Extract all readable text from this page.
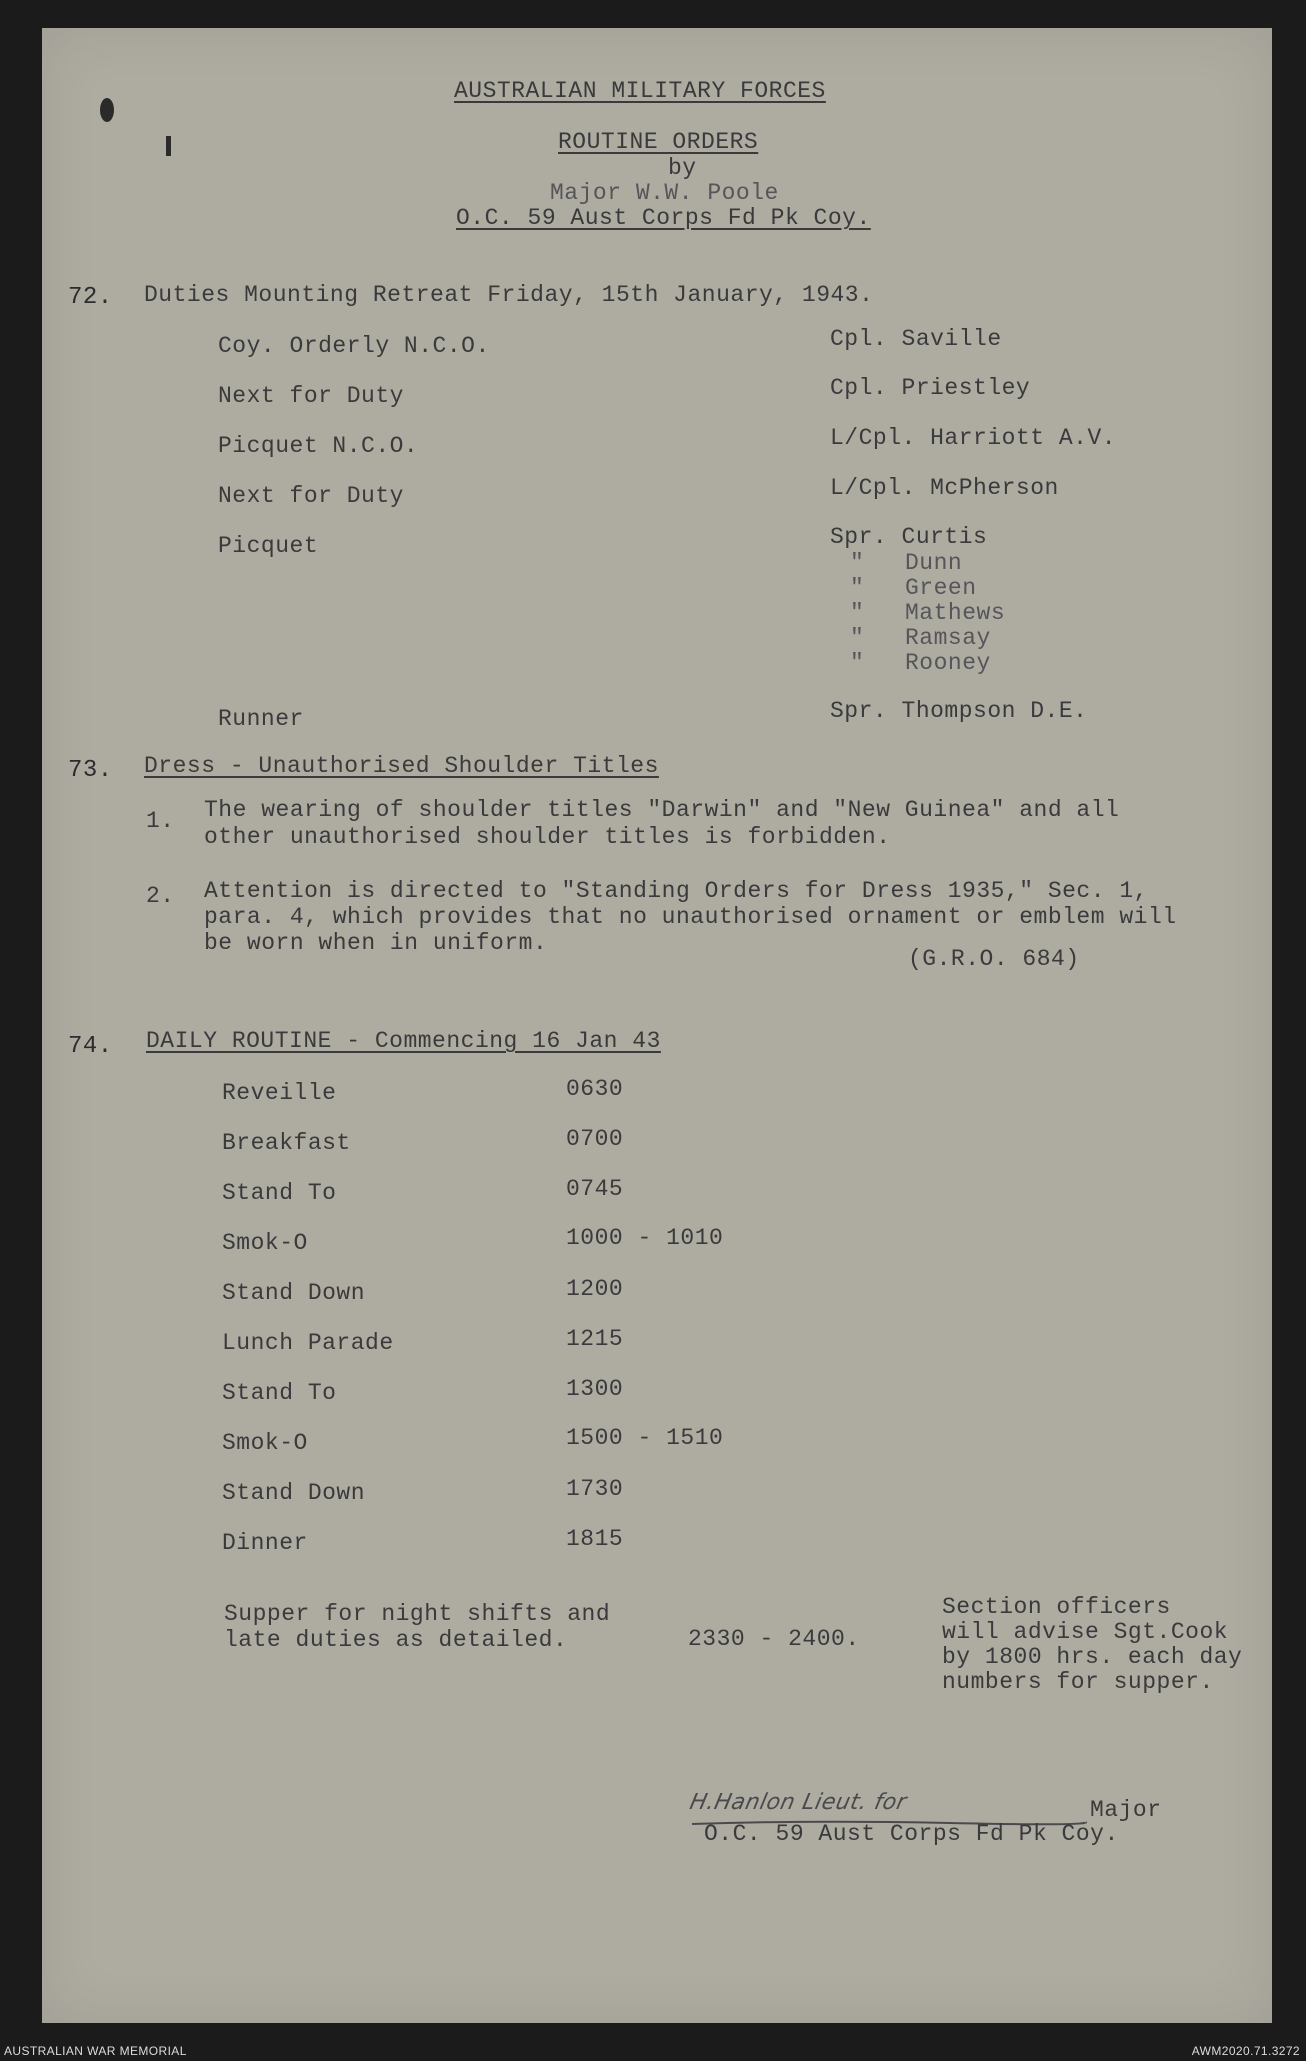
AUSTRALIAN MILITARY FORCES
ROUTINE ORDERS
by
Major W.W. Poole
O.C. 59 Aust Corps Fd Pk Coy.
72. Duties Mounting Retreat Friday, 15th January, 1943.
Coy. Orderly N.C.O.	Cpl. Saville
Next for Duty	Cpl. Priestley
Picquet N.C.O.	L/Cpl. Harriott A.V.
Next for Duty	L/Cpl. McPherson
Picquet	Spr. Curtis
" Dunn
" Green
" Mathews
" Ramsay
" Rooney
Runner	Spr. Thompson D.E.
73. Dress - Unauthorised Shoulder Titles
1. The wearing of shoulder titles "Darwin" and "New Guinea" and all
other unauthorised shoulder titles is forbidden.
2. Attention is directed to "Standing Orders for Dress 1935," Sec. 1,
para. 4, which provides that no unauthorised ornament or emblem will
be worn when in uniform.
(G.R.O. 684)
74. DAILY ROUTINE - Commencing 16 Jan 43
Reveille	0630
Breakfast	0700
Stand To	0745
Smok-O	1000 - 1010
Stand Down	1200
Lunch Parade	1215
Stand To	1300
Smok-O	1500 - 1510
Stand Down	1730
Dinner	1815
Supper for night shifts and
late duties as detailed.	2330 - 2400.
Section officers
will advise Sgt.Cook
by 1800 hrs. each day
numbers for supper.
H.Hanlon Lieut. for	Major
O.C. 59 Aust Corps Fd Pk Coy.
AUSTRALIAN WAR MEMORIAL	AWM2020.71.3272
